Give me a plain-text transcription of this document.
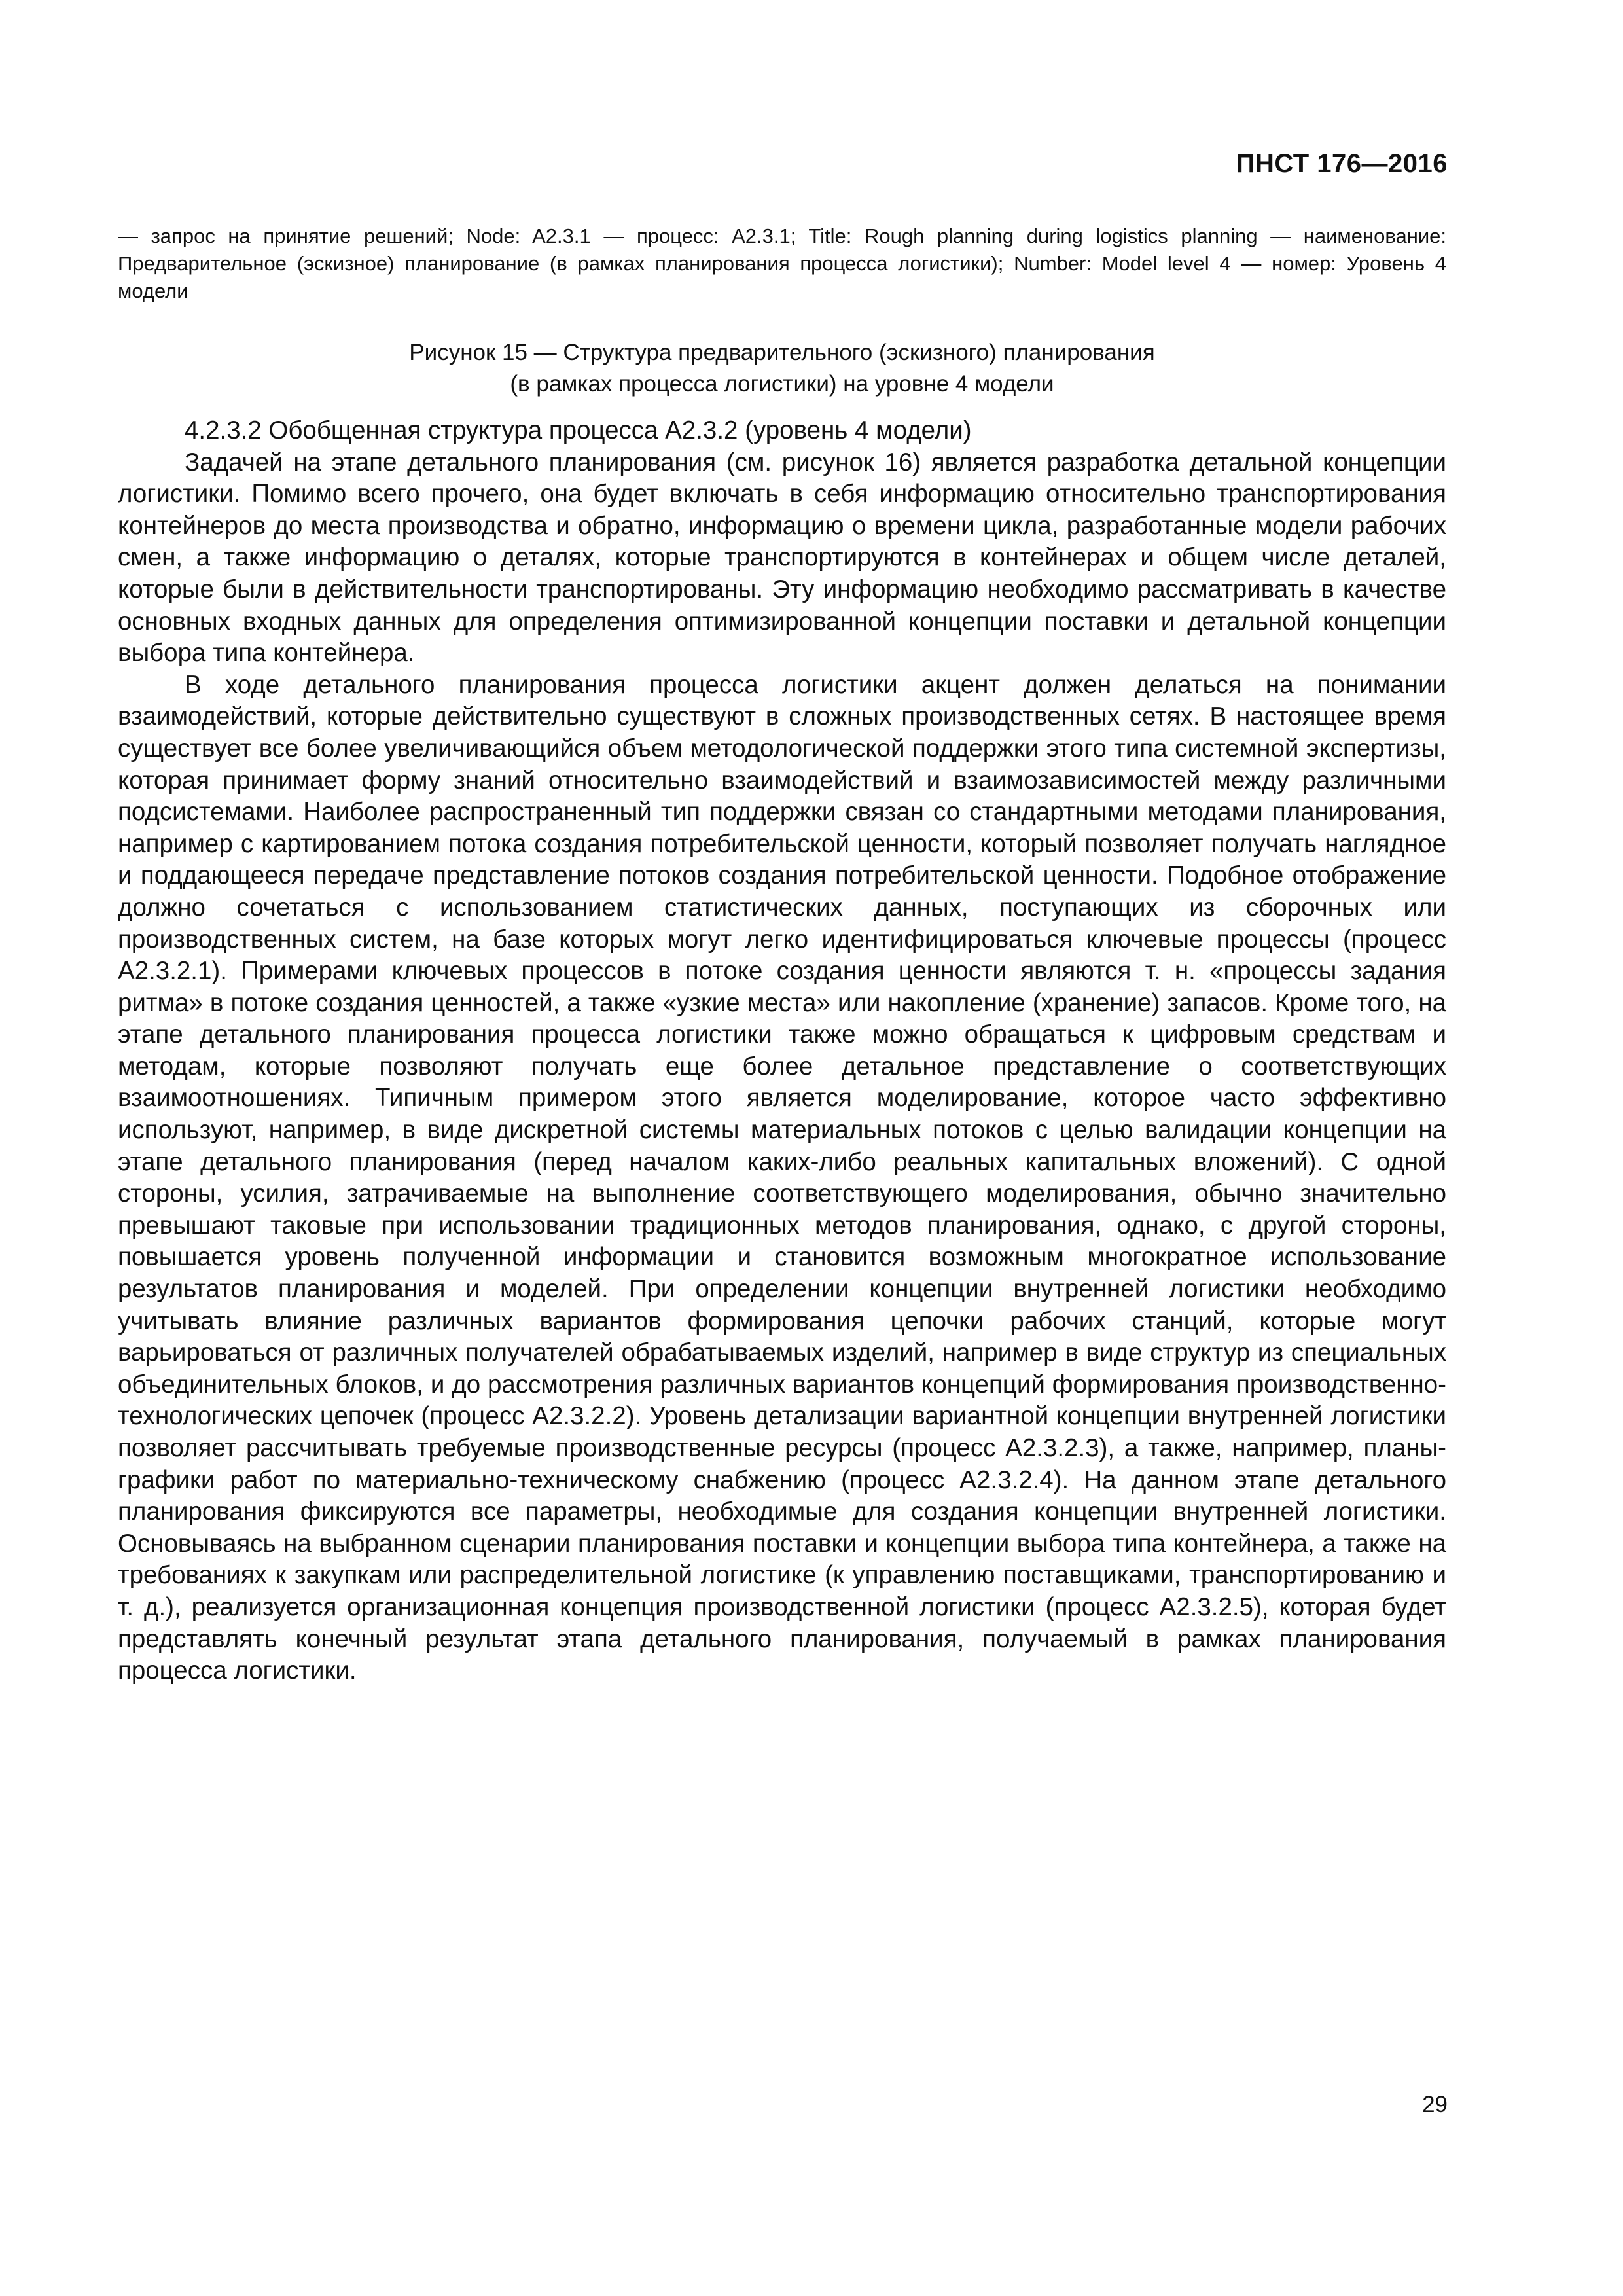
ПНСТ 176—2016
— запрос на принятие решений; Node: A2.3.1 — процесс: A2.3.1; Title: Rough planning during logistics planning — наименование: Предварительное (эскизное) планирование (в рамках планирования процесса логистики); Number: Model level 4 — номер: Уровень 4 модели
Рисунок 15 — Структура предварительного (эскизного) планирования
(в рамках процесса логистики) на уровне 4 модели

4.2.3.2 Обобщенная структура процесса A2.3.2 (уровень 4 модели)

Задачей на этапе детального планирования (см. рисунок 16) является разработка детальной концепции логистики. Помимо всего прочего, она будет включать в себя информацию относительно транспортирования контейнеров до места производства и обратно, информацию о времени цикла, разработанные модели рабочих смен, а также информацию о деталях, которые транспортируются в контейнерах и общем числе деталей, которые были в действительности транспортированы. Эту информацию необходимо рассматривать в качестве основных входных данных для определения оптимизированной концепции поставки и детальной концепции выбора типа контейнера.

В ходе детального планирования процесса логистики акцент должен делаться на понимании взаимодействий, которые действительно существуют в сложных производственных сетях. В настоящее время существует все более увеличивающийся объем методологической поддержки этого типа системной экспертизы, которая принимает форму знаний относительно взаимодействий и взаимозависимостей между различными подсистемами. Наиболее распространенный тип поддержки связан со стандартными методами планирования, например с картированием потока создания потребительской ценности, который позволяет получать наглядное и поддающееся передаче представление потоков создания потребительской ценности. Подобное отображение должно сочетаться с использованием статистических данных, поступающих из сборочных или производственных систем, на базе которых могут легко идентифицироваться ключевые процессы (процесс A2.3.2.1). Примерами ключевых процессов в потоке создания ценности являются т. н. «процессы задания ритма» в потоке создания ценностей, а также «узкие места» или накопление (хранение) запасов. Кроме того, на этапе детального планирования процесса логистики также можно обращаться к цифровым средствам и методам, которые позволяют получать еще более детальное представление о соответствующих взаимоотношениях. Типичным примером этого является моделирование, которое часто эффективно используют, например, в виде дискретной системы материальных потоков с целью валидации концепции на этапе детального планирования (перед началом каких-либо реальных капитальных вложений). С одной стороны, усилия, затрачиваемые на выполнение соответствующего моделирования, обычно значительно превышают таковые при использовании традиционных методов планирования, однако, с другой стороны, повышается уровень полученной информации и становится возможным многократное использование результатов планирования и моделей. При определении концепции внутренней логистики необходимо учитывать влияние различных вариантов формирования цепочки рабочих станций, которые могут варьироваться от различных получателей обрабатываемых изделий, например в виде структур из специальных объединительных блоков, и до рассмотрения различных вариантов концепций формирования производственно-технологических цепочек (процесс A2.3.2.2). Уровень детализации вариантной концепции внутренней логистики позволяет рассчитывать требуемые производственные ресурсы (процесс A2.3.2.3), а также, например, планы-графики работ по материально-техническому снабжению (процесс A2.3.2.4). На данном этапе детального планирования фиксируются все параметры, необходимые для создания концепции внутренней логистики. Основываясь на выбранном сценарии планирования поставки и концепции выбора типа контейнера, а также на требованиях к закупкам или распределительной логистике (к управлению поставщиками, транспортированию и т. д.), реализуется организационная концепция производственной логистики (процесс A2.3.2.5), которая будет представлять конечный результат этапа детального планирования, получаемый в рамках планирования процесса логистики.

29
